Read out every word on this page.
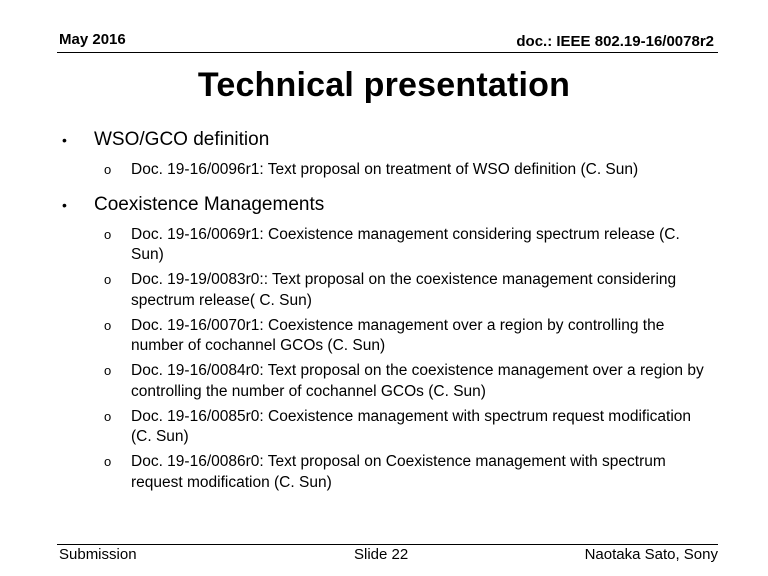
May 2016	doc.: IEEE 802.19-16/0078r2
Technical presentation
•	WSO/GCO definition
o Doc. 19-16/0096r1: Text proposal on treatment of WSO definition (C. Sun)
•	Coexistence Managements
o Doc. 19-16/0069r1: Coexistence management considering spectrum release (C. Sun)
o Doc. 19-19/0083r0:: Text proposal on the coexistence management considering spectrum release( C. Sun)
o Doc. 19-16/0070r1: Coexistence management over a region by controlling the number of cochannel GCOs (C. Sun)
o Doc. 19-16/0084r0: Text proposal on the coexistence management over a region by controlling the number of cochannel GCOs (C. Sun)
o Doc. 19-16/0085r0: Coexistence management with spectrum request modification (C. Sun)
o Doc. 19-16/0086r0: Text proposal on Coexistence management with spectrum request modification (C. Sun)
Submission	Slide 22	Naotaka Sato, Sony
